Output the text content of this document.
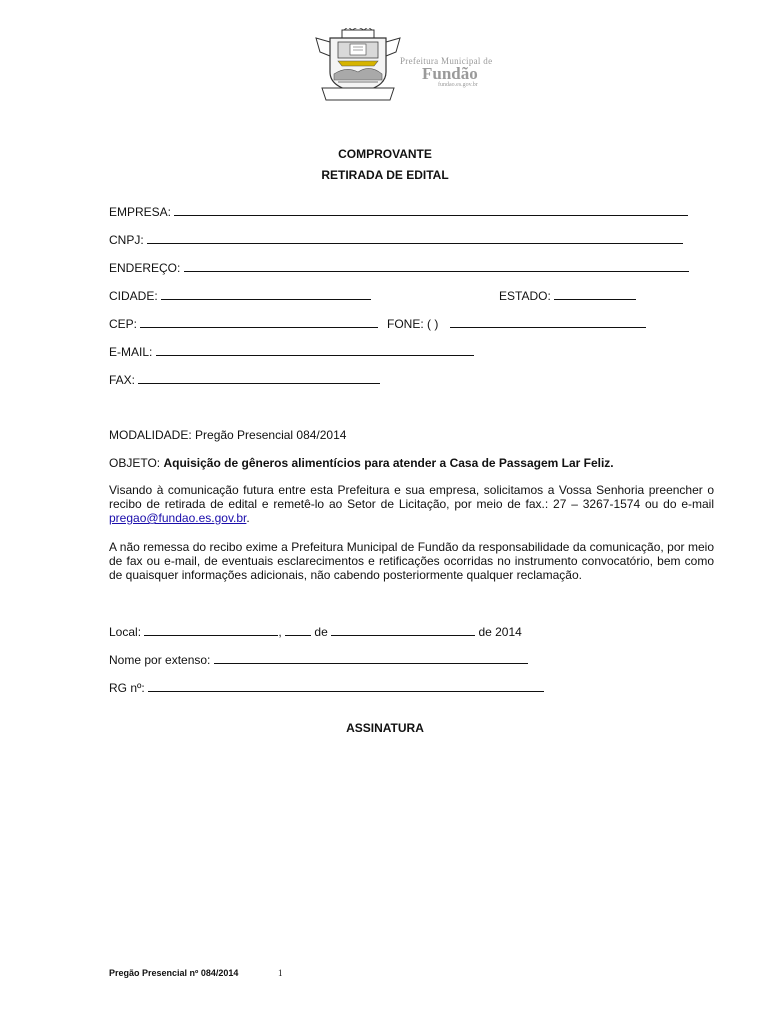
Prefeitura Municipal de
Fundão
fundao.es.gov.br
COMPROVANTE
RETIRADA DE EDITAL
EMPRESA:
CNPJ:
ENDEREÇO:
CIDADE:	ESTADO:
CEP:	FONE: ( )
E-MAIL:
FAX:
MODALIDADE: Pregão Presencial 084/2014
OBJETO: Aquisição de gêneros alimentícios para atender a Casa de Passagem Lar Feliz.
Visando à comunicação futura entre esta Prefeitura e sua empresa, solicitamos a Vossa Senhoria preencher o recibo de retirada de edital e remetê-lo ao Setor de Licitação, por meio de fax.: 27 – 3267-1574 ou do e-mail pregao@fundao.es.gov.br.
A não remessa do recibo exime a Prefeitura Municipal de Fundão da responsabilidade da comunicação, por meio de fax ou e-mail, de eventuais esclarecimentos e retificações ocorridas no instrumento convocatório, bem como de quaisquer informações adicionais, não cabendo posteriormente qualquer reclamação.
Local:	,	de	de 2014
Nome por extenso:
RG nº:
ASSINATURA
Pregão Presencial nº 084/2014	1
